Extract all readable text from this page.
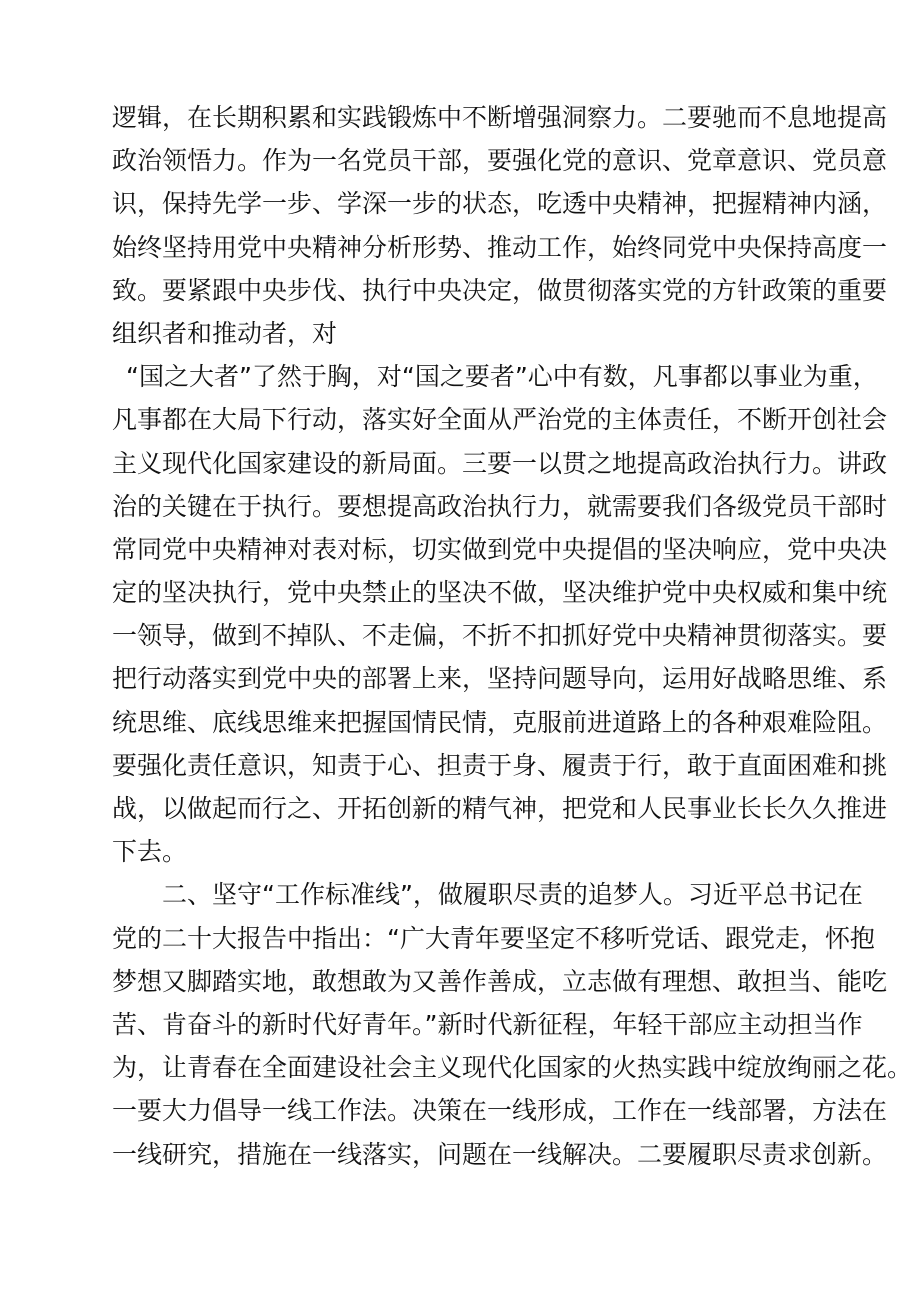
逻辑，在长期积累和实践锻炼中不断增强洞察力。二要驰而不息地提高
政治领悟力。作为一名党员干部，要强化党的意识、党章意识、党员意
识，保持先学一步、学深一步的状态，吃透中央精神，把握精神内涵，
始终坚持用党中央精神分析形势、推动工作，始终同党中央保持高度一
致。要紧跟中央步伐、执行中央决定，做贯彻落实党的方针政策的重要
组织者和推动者，对
“国之大者”了然于胸，对“国之要者”心中有数，凡事都以事业为重，
凡事都在大局下行动，落实好全面从严治党的主体责任，不断开创社会
主义现代化国家建设的新局面。三要一以贯之地提高政治执行力。讲政
治的关键在于执行。要想提高政治执行力，就需要我们各级党员干部时
常同党中央精神对表对标，切实做到党中央提倡的坚决响应，党中央决
定的坚决执行，党中央禁止的坚决不做，坚决维护党中央权威和集中统
一领导，做到不掉队、不走偏，不折不扣抓好党中央精神贯彻落实。要
把行动落实到党中央的部署上来，坚持问题导向，运用好战略思维、系
统思维、底线思维来把握国情民情，克服前进道路上的各种艰难险阻。
要强化责任意识，知责于心、担责于身、履责于行，敢于直面困难和挑
战，以做起而行之、开拓创新的精气神，把党和人民事业长长久久推进
下去。
二、坚守“工作标准线”，做履职尽责的追梦人。习近平总书记在
党的二十大报告中指出：“广大青年要坚定不移听党话、跟党走，怀抱
梦想又脚踏实地，敢想敢为又善作善成，立志做有理想、敢担当、能吃
苦、肯奋斗的新时代好青年。”新时代新征程，年轻干部应主动担当作
为，让青春在全面建设社会主义现代化国家的火热实践中绽放绚丽之花。
一要大力倡导一线工作法。决策在一线形成，工作在一线部署，方法在
一线研究，措施在一线落实，问题在一线解决。二要履职尽责求创新。
